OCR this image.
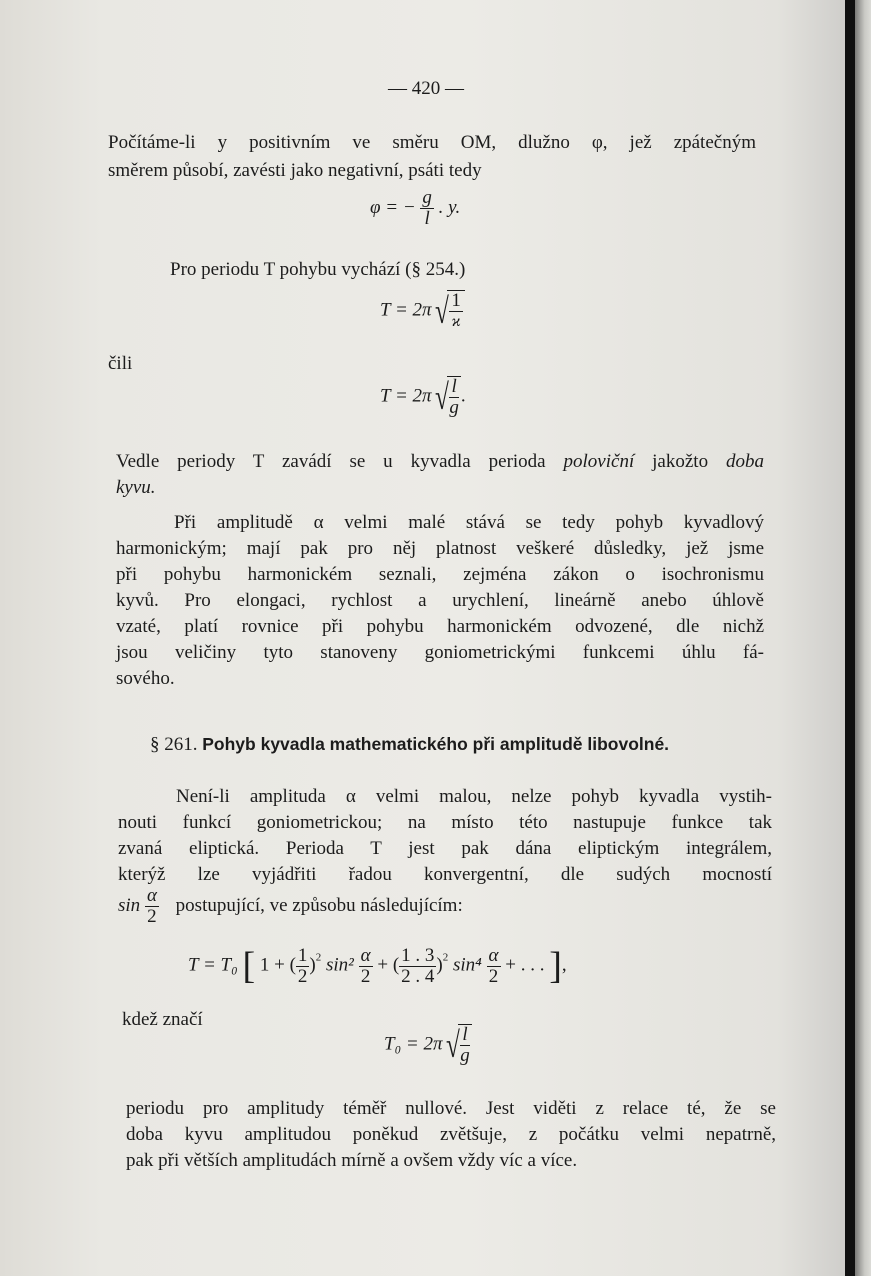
— 420 —
Počítáme-li y positivním ve směru OM, dlužno φ, jež zpátečným
směrem působí, zavésti jako negativní, psáti tedy
φ = − $\frac{g}{l}$ . y.
Pro periodu T pohybu vychází (§ 254.)
$T = 2\pi√ \frac{1}{ϰ}$
čili
$T = 2\pi√ \frac{l}{g}$ .
Vedle periody T zavádí se u kyvadla perioda poloviční jakožto doba
kyvu.
Při amplitudě α velmi malé stává se tedy pohyb kyvadlový
harmonickým; mají pak pro něj platnost veškeré důsledky, jež jsme
při pohybu harmonickém seznali, zejména zákon o isochronismu
kyvů. Pro elongaci, rychlost a urychlení, lineárně anebo úhlově
vzaté, platí rovnice při pohybu harmonickém odvozené, dle nichž
jsou veličiny tyto stanoveny goniometrickými funkcemi úhlu fá-
sového.
§ 261. Pohyb kyvadla mathematického při amplitudě libovolné.
Není-li amplituda α velmi malou, nelze pohyb kyvadla vystih-
nouti funkcí goniometrickou; na místo této nastupuje funkce tak
zvaná eliptická. Perioda T jest pak dána eliptickým integrálem,
kterýž lze vyjádřiti řadou konvergentní, dle sudých mocností
$\sin \frac{\alpha}{2}$ postupující, ve způsobu následujícím:
T = T₀ [ 1 + ( $\frac{1}{2} )^2$ $\sin^2 \frac{\alpha}{2}$ + ( $\frac{1 . 3}{2 . 4} )^2$ $\sin^4 \frac{\alpha}{2}$ + . . . ],
kdež značí
$T_0 = 2\pi√ \frac{l}{g}$
periodu pro amplitudy téměř nullové. Jest viděti z relace té, že se
doba kyvu amplitudou poněkud zvětšuje, z počátku velmi nepatrně,
pak při větších amplitudách mírně a ovšem vždy víc a více.
